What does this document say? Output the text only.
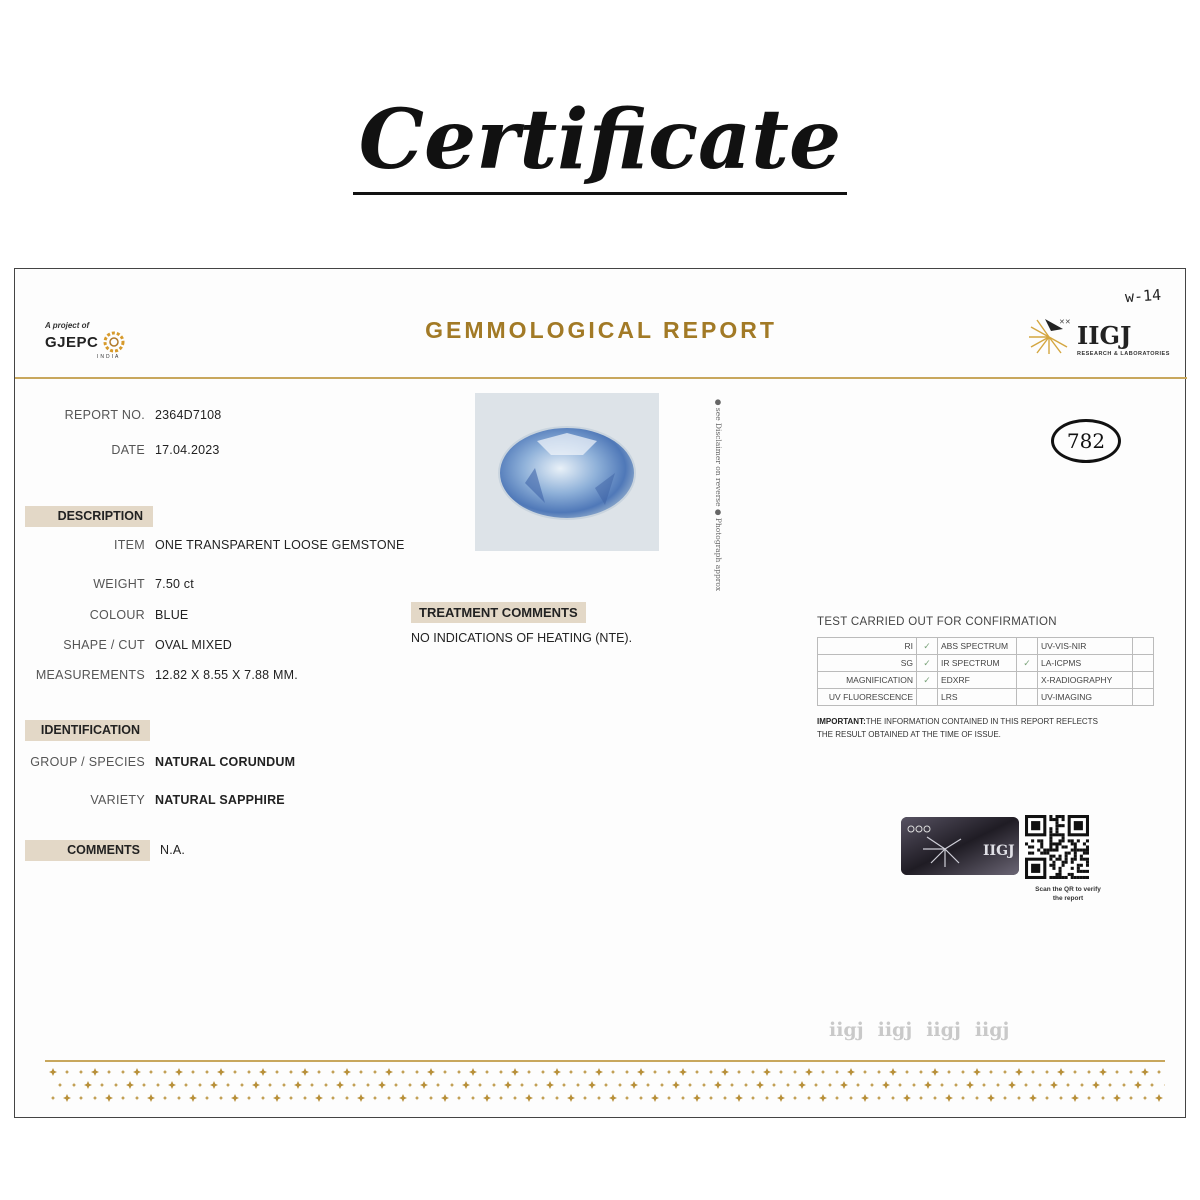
Certificate
w-14
A project of
GJEPC
INDIA
GEMMOLOGICAL REPORT	✕✕ IIGJ
RESEARCH & LABORATORIES
REPORT NO. 2364D7108
DATE 17.04.2023
DESCRIPTION
ITEM ONE TRANSPARENT LOOSE GEMSTONE
WEIGHT 7.50 ct
COLOUR BLUE
SHAPE / CUT OVAL MIXED
MEASUREMENTS 12.82 X 8.55 X 7.88 MM.
IDENTIFICATION
GROUP / SPECIES NATURAL CORUNDUM
VARIETY NATURAL SAPPHIRE
COMMENTS	N.A.
● see Disclaimer on reverse ● Photograph approx	782
TREATMENT COMMENTS
NO INDICATIONS OF HEATING (NTE).
TEST CARRIED OUT FOR CONFIRMATION
RI	✓	ABS SPECTRUM		UV-VIS-NIR	
SG	✓	IR SPECTRUM	✓	LA-ICPMS	
MAGNIFICATION	✓	EDXRF		X-RADIOGRAPHY	
UV FLUORESCENCE		LRS		UV-IMAGING	
IMPORTANT:THE INFORMATION CONTAINED IN THIS REPORT REFLECTS THE RESULT OBTAINED AT THE TIME OF ISSUE.
IIGJ
Scan the QR to verify the report
iigj iigj iigj iigj
